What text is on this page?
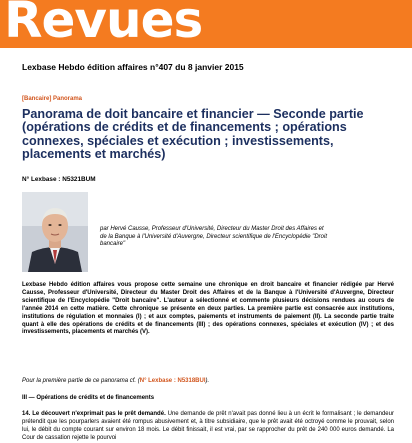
Revues
Lexbase Hebdo édition affaires n°407 du 8 janvier 2015
[Bancaire] Panorama
Panorama de doit bancaire et financier — Seconde partie (opérations de crédits et de financements ; opérations connexes, spéciales et exécution ; investissements, placements et marchés)
N° Lexbase : N5321BUM
par Hervé Causse, Professeur d'Université, Directeur du Master Droit des Affaires et de la Banque à l'Université d'Auvergne, Directeur scientifique de l'Encyclopédie "Droit bancaire"

Lexbase Hebdo édition affaires vous propose cette semaine une chronique en droit bancaire et financier rédigée par Hervé Causse, Professeur d'Université, Directeur du Master Droit des Affaires et de la Banque à l'Université d'Auvergne, Directeur scientifique de l'Encyclopédie "Droit bancaire". L'auteur a sélectionné et commente plusieurs décisions rendues au cours de l'année 2014 en cette matière. Cette chronique se présente en deux parties. La première partie est consacrée aux institutions, institutions de régulation et monnaies (I) ; et aux comptes, paiements et instruments de paiement (II). La seconde partie traite quant à elle des opérations de crédits et de financements (III) ; des opérations connexes, spéciales et exécution (IV) ; et des investissements, placements et marchés (V).

Pour la première partie de ce panorama cf. (N° Lexbase : N5318BUI).
III — Opérations de crédits et de financements

14. Le découvert n'exprimait pas le prêt demandé. Une demande de prêt n'avait pas donné lieu à un écrit le formalisant ; le demandeur prétendit que les pourparlers avaient été rompus abusivement et, à titre subsidiaire, que le prêt avait été octroyé comme le prouvait, selon lui, le débit du compte courant sur environ 18 mois. Le débit finissait, il est vrai, par se rapprocher du prêt de 240 000 euros demandé. La Cour de cassation rejette le pourvoi
